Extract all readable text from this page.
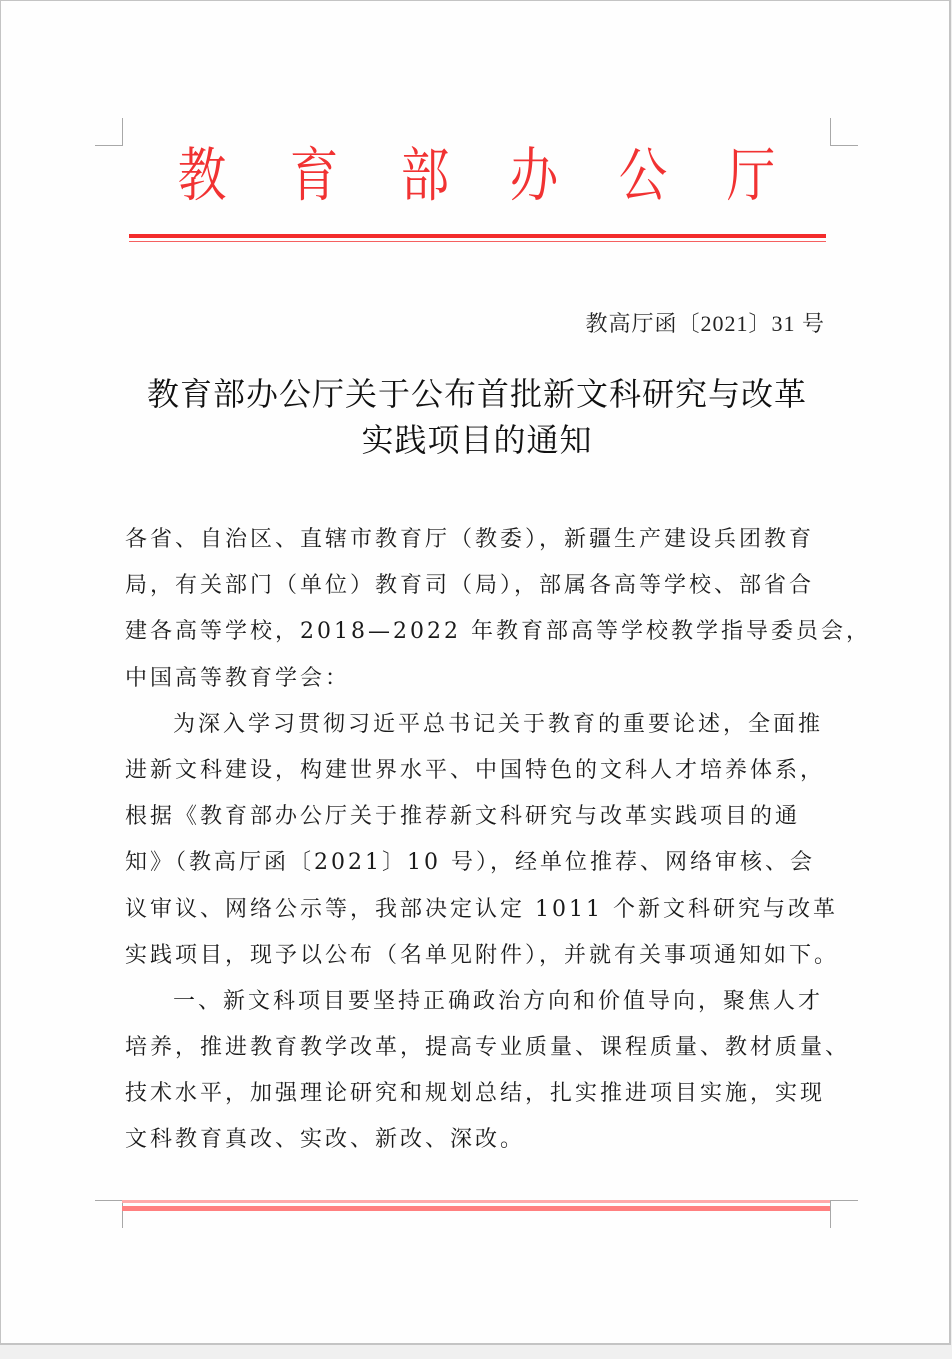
教 育 部 办 公 厅
教高厅函〔2021〕31 号
教育部办公厅关于公布首批新文科研究与改革
实践项目的通知
各省、自治区、直辖市教育厅（教委），新疆生产建设兵团教育
局，有关部门（单位）教育司（局），部属各高等学校、部省合
建各高等学校，2018—2022 年教育部高等学校教学指导委员会，
中国高等教育学会：
为深入学习贯彻习近平总书记关于教育的重要论述，全面推
进新文科建设，构建世界水平、中国特色的文科人才培养体系，
根据《教育部办公厅关于推荐新文科研究与改革实践项目的通
知》（教高厅函〔2021〕10 号），经单位推荐、网络审核、会
议审议、网络公示等，我部决定认定 1011 个新文科研究与改革
实践项目，现予以公布（名单见附件），并就有关事项通知如下。
一、新文科项目要坚持正确政治方向和价值导向，聚焦人才
培养，推进教育教学改革，提高专业质量、课程质量、教材质量、
技术水平，加强理论研究和规划总结，扎实推进项目实施，实现
文科教育真改、实改、新改、深改。
